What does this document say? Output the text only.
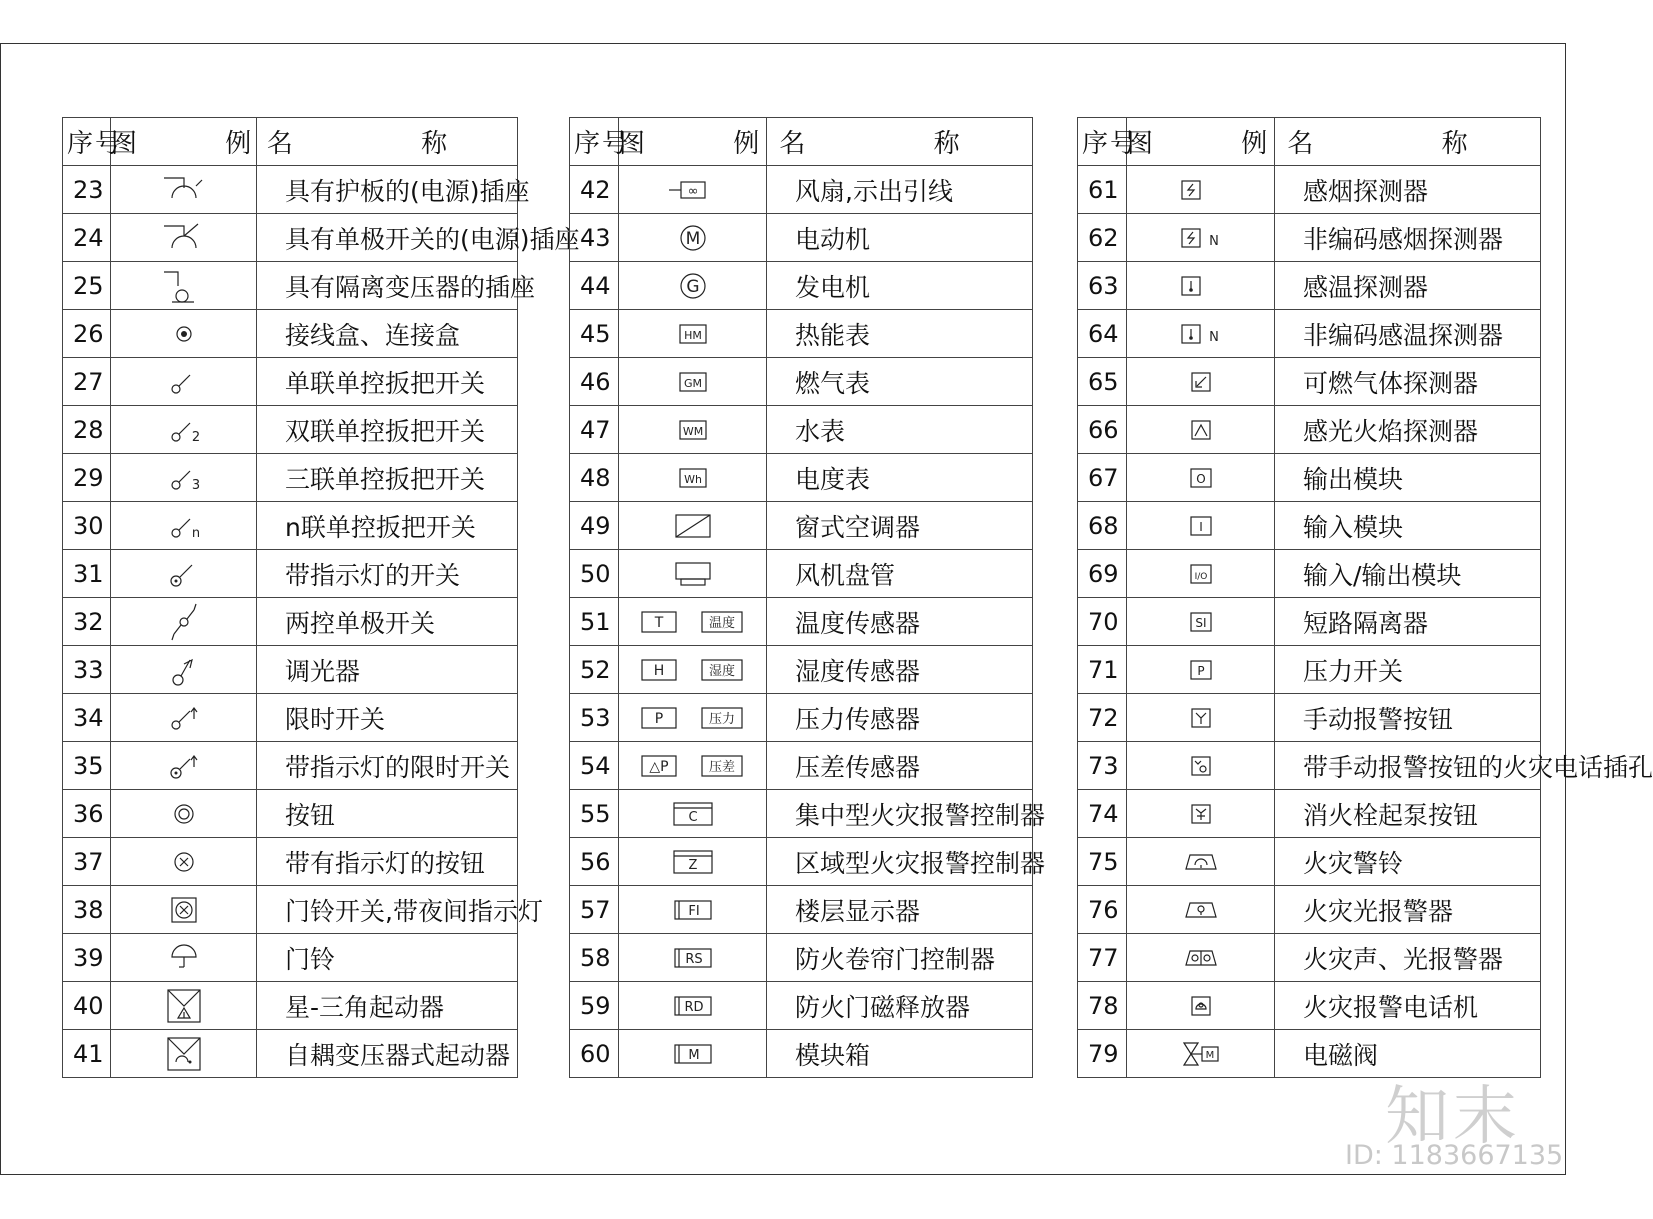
序号	图 例	名 称
23		具有护板的(电源)插座
24		具有单极开关的(电源)插座
25		具有隔离变压器的插座
26		接线盒、连接盒
27		单联单控扳把开关
28	2	双联单控扳把开关
29	3	三联单控扳把开关
30	n	n联单控扳把开关
31		带指示灯的开关
32		两控单极开关
33		调光器
34		限时开关
35		带指示灯的限时开关
36		按钮
37		带有指示灯的按钮
38		门铃开关,带夜间指示灯
39		门铃
40		星-三角起动器
41		自耦变压器式起动器
序号	图 例	名 称
42	∞	风扇,示出引线
43	M	电动机
44	G	发电机
45	HM	热能表
46	GM	燃气表
47	WM	水表
48	Wh	电度表
49		窗式空调器
50		风机盘管
51	T 温度	温度传感器
52	H 湿度	湿度传感器
53	P 压力	压力传感器
54	△P 压差	压差传感器
55	C	集中型火灾报警控制器
56	Z	区域型火灾报警控制器
57	FI	楼层显示器
58	RS	防火卷帘门控制器
59	RD	防火门磁释放器
60	M	模块箱
序号	图 例	名 称
61		感烟探测器
62	N	非编码感烟探测器
63		感温探测器
64	N	非编码感温探测器
65		可燃气体探测器
66		感光火焰探测器
67	O	输出模块
68	I	输入模块
69	I/O	输入/输出模块
70	SI	短路隔离器
71	P	压力开关
72		手动报警按钮
73		带手动报警按钮的火灾电话插孔
74		消火栓起泵按钮
75		火灾警铃
76		火灾光报警器
77		火灾声、光报警器
78		火灾报警电话机
79	M	电磁阀
知末
ID: 1183667135
